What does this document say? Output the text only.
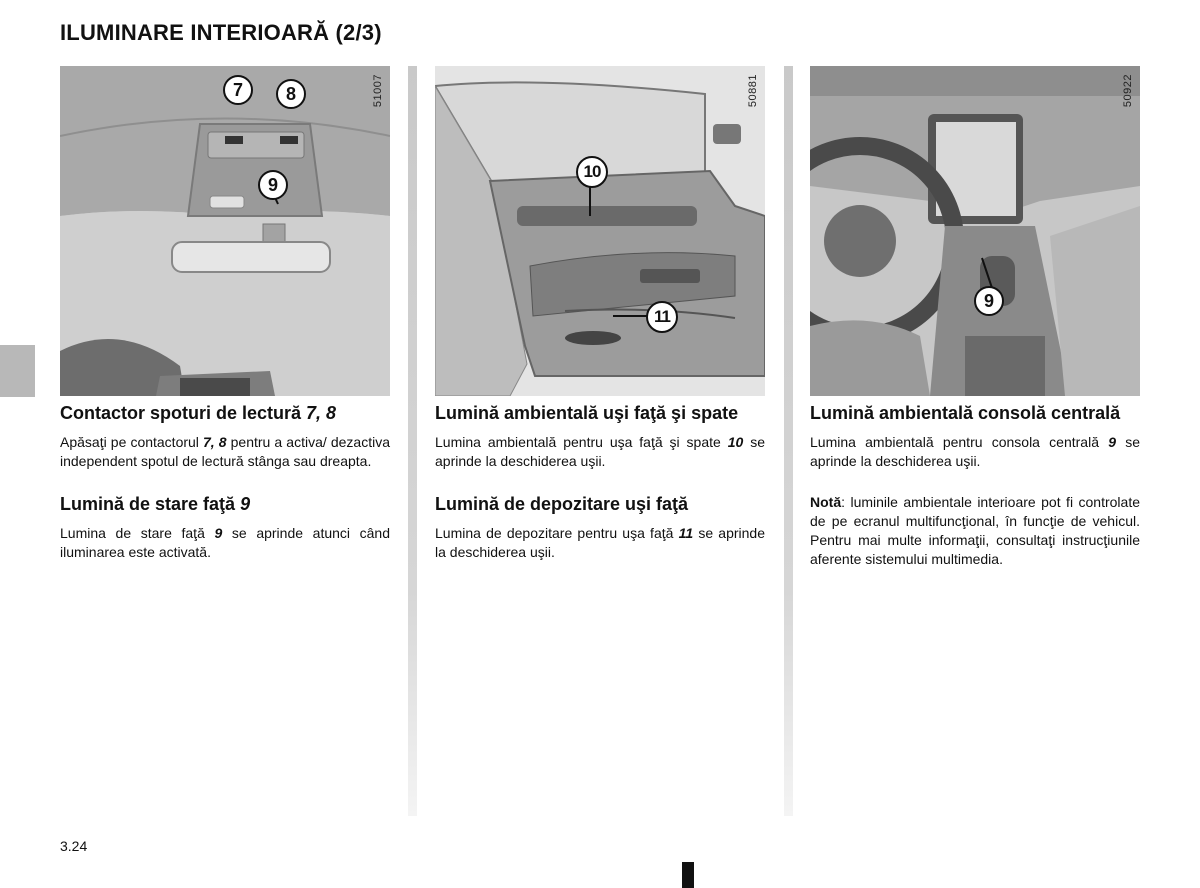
ILUMINARE INTERIOARĂ (2/3)
51007
7	8
9
50881
10
11
50922
9
Contactor spoturi de lectură 7, 8

Apăsaţi pe contactorul 7, 8 pentru a activa/ dezactiva independent spotul de lectură stânga sau dreapta.

Lumină de stare faţă 9

Lumina de stare faţă 9 se aprinde atunci când iluminarea este activată.

Lumină ambientală uşi faţă şi spate

Lumina ambientală pentru uşa faţă şi spate 10 se aprinde la deschiderea uşii.

Lumină de depozitare uşi faţă

Lumina de depozitare pentru uşa faţă 11 se aprinde la deschiderea uşii.

Lumină ambientală consolă centrală

Lumina ambientală pentru consola centrală 9 se aprinde la deschiderea uşii.

Notă: luminile ambientale interioare pot fi controlate de pe ecranul multifuncţional, în funcţie de vehicul. Pentru mai multe informaţii, consultaţi instrucţiunile aferente sistemului multimedia.

3.24
